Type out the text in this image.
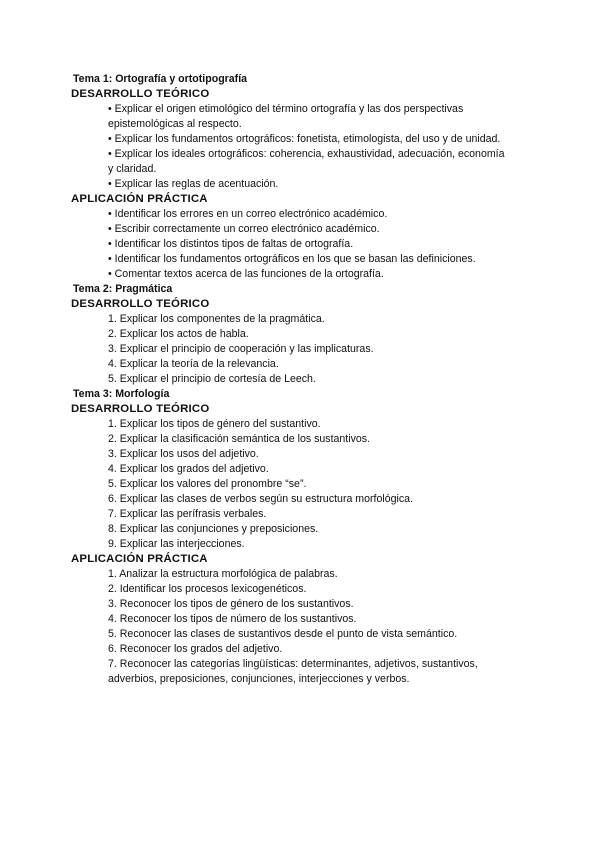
Tema 1: Ortografía y ortotipografía
DESARROLLO TEÓRICO
• Explicar el origen etimológico del término ortografía y las dos perspectivas epistemológicas al respecto.
• Explicar los fundamentos ortográficos: fonetista, etimologista, del uso y de unidad.
• Explicar los ideales ortográficos: coherencia, exhaustividad, adecuación, economía y claridad.
• Explicar las reglas de acentuación.
APLICACIÓN PRÁCTICA
• Identificar los errores en un correo electrónico académico.
• Escribir correctamente un correo electrónico académico.
• Identificar los distintos tipos de faltas de ortografía.
• Identificar los fundamentos ortográficos en los que se basan las definiciones.
• Comentar textos acerca de las funciones de la ortografía.
Tema 2: Pragmática
DESARROLLO TEÓRICO
1. Explicar los componentes de la pragmática.
2. Explicar los actos de habla.
3. Explicar el principio de cooperación y las implicaturas.
4. Explicar la teoría de la relevancia.
5. Explicar el principio de cortesía de Leech.
Tema 3: Morfología
DESARROLLO TEÓRICO
1. Explicar los tipos de género del sustantivo.
2. Explicar la clasificación semántica de los sustantivos.
3. Explicar los usos del adjetivo.
4. Explicar los grados del adjetivo.
5. Explicar los valores del pronombre “se”.
6. Explicar las clases de verbos según su estructura morfológica.
7. Explicar las perífrasis verbales.
8. Explicar las conjunciones y preposiciones.
9. Explicar las interjecciones.
APLICACIÓN PRÁCTICA
1. Analizar la estructura morfológica de palabras.
2. Identificar los procesos lexicogenéticos.
3. Reconocer los tipos de género de los sustantivos.
4. Reconocer los tipos de número de los sustantivos.
5. Reconocer las clases de sustantivos desde el punto de vista semántico.
6. Reconocer los grados del adjetivo.
7. Reconocer las categorías lingüísticas: determinantes, adjetivos, sustantivos, adverbios, preposiciones, conjunciones, interjecciones y verbos.
